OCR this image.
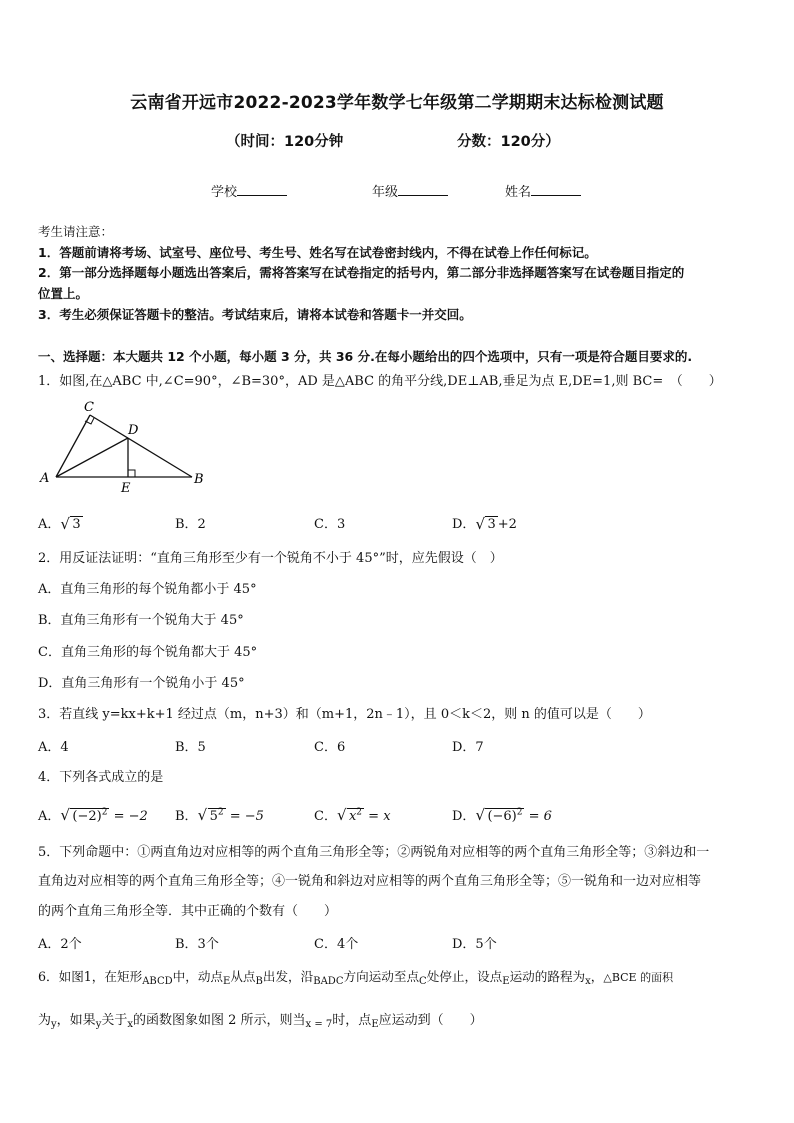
云南省开远市2022-2023学年数学七年级第二学期期末达标检测试题
（时间：120分钟	分数：120分）
学校	年级	姓名
考生请注意：
1．答题前请将考场、试室号、座位号、考生号、姓名写在试卷密封线内，不得在试卷上作任何标记。
2．第一部分选择题每小题选出答案后，需将答案写在试卷指定的括号内，第二部分非选择题答案写在试卷题目指定的
位置上。
3．考生必须保证答题卡的整洁。考试结束后，请将本试卷和答题卡一并交回。
一、选择题：本大题共 12 个小题，每小题 3 分，共 36 分.在每小题给出的四个选项中，只有一项是符合题目要求的.
1．如图,在△ABC 中,∠C=90°，∠B=30°，AD 是△ABC 的角平分线,DE⊥AB,垂足为点 E,DE=1,则 BC=　（　　）
C
D
A
E
B
A． √ 3	B．2	C．3	D． √ 3 +2
2．用反证法证明：“直角三角形至少有一个锐角不小于 45°”时，应先假设（　）
A．直角三角形的每个锐角都小于 45°
B．直角三角形有一个锐角大于 45°
C．直角三角形的每个锐角都大于 45°
D．直角三角形有一个锐角小于 45°
3．若直线 y=kx+k+1 经过点（m，n+3）和（m+1，2n﹣1），且 0＜k＜2，则 n 的值可以是（　　）
A．4	B．5	C．6	D．7
4．下列各式成立的是
A． √ $(-2)^2 = -2$ B． √ $5^2 = -5$	C． √ $x^2 = x$	D． √ $(-6)^2 = 6$
5．下列命题中：①两直角边对应相等的两个直角三角形全等；②两锐角对应相等的两个直角三角形全等；③斜边和一
直角边对应相等的两个直角三角形全等；④一锐角和斜边对应相等的两个直角三角形全等；⑤一锐角和一边对应相等
的两个直角三角形全等．其中正确的个数有（　　）
A．2个	B．3个	C．4个	D．5个
6．如图1，在矩形$_{ABCD}$中，动点$_E$从点$_B$出发，沿$_{BADC}$方向运动至点$_C$处停止，设点$_E$运动的路程为$_x$，△BCE 的面积
为$_y$，如果$_y$关于$_x$的函数图象如图 2 所示，则当$_{x = 7}$时，点$_E$应运动到（　　）
